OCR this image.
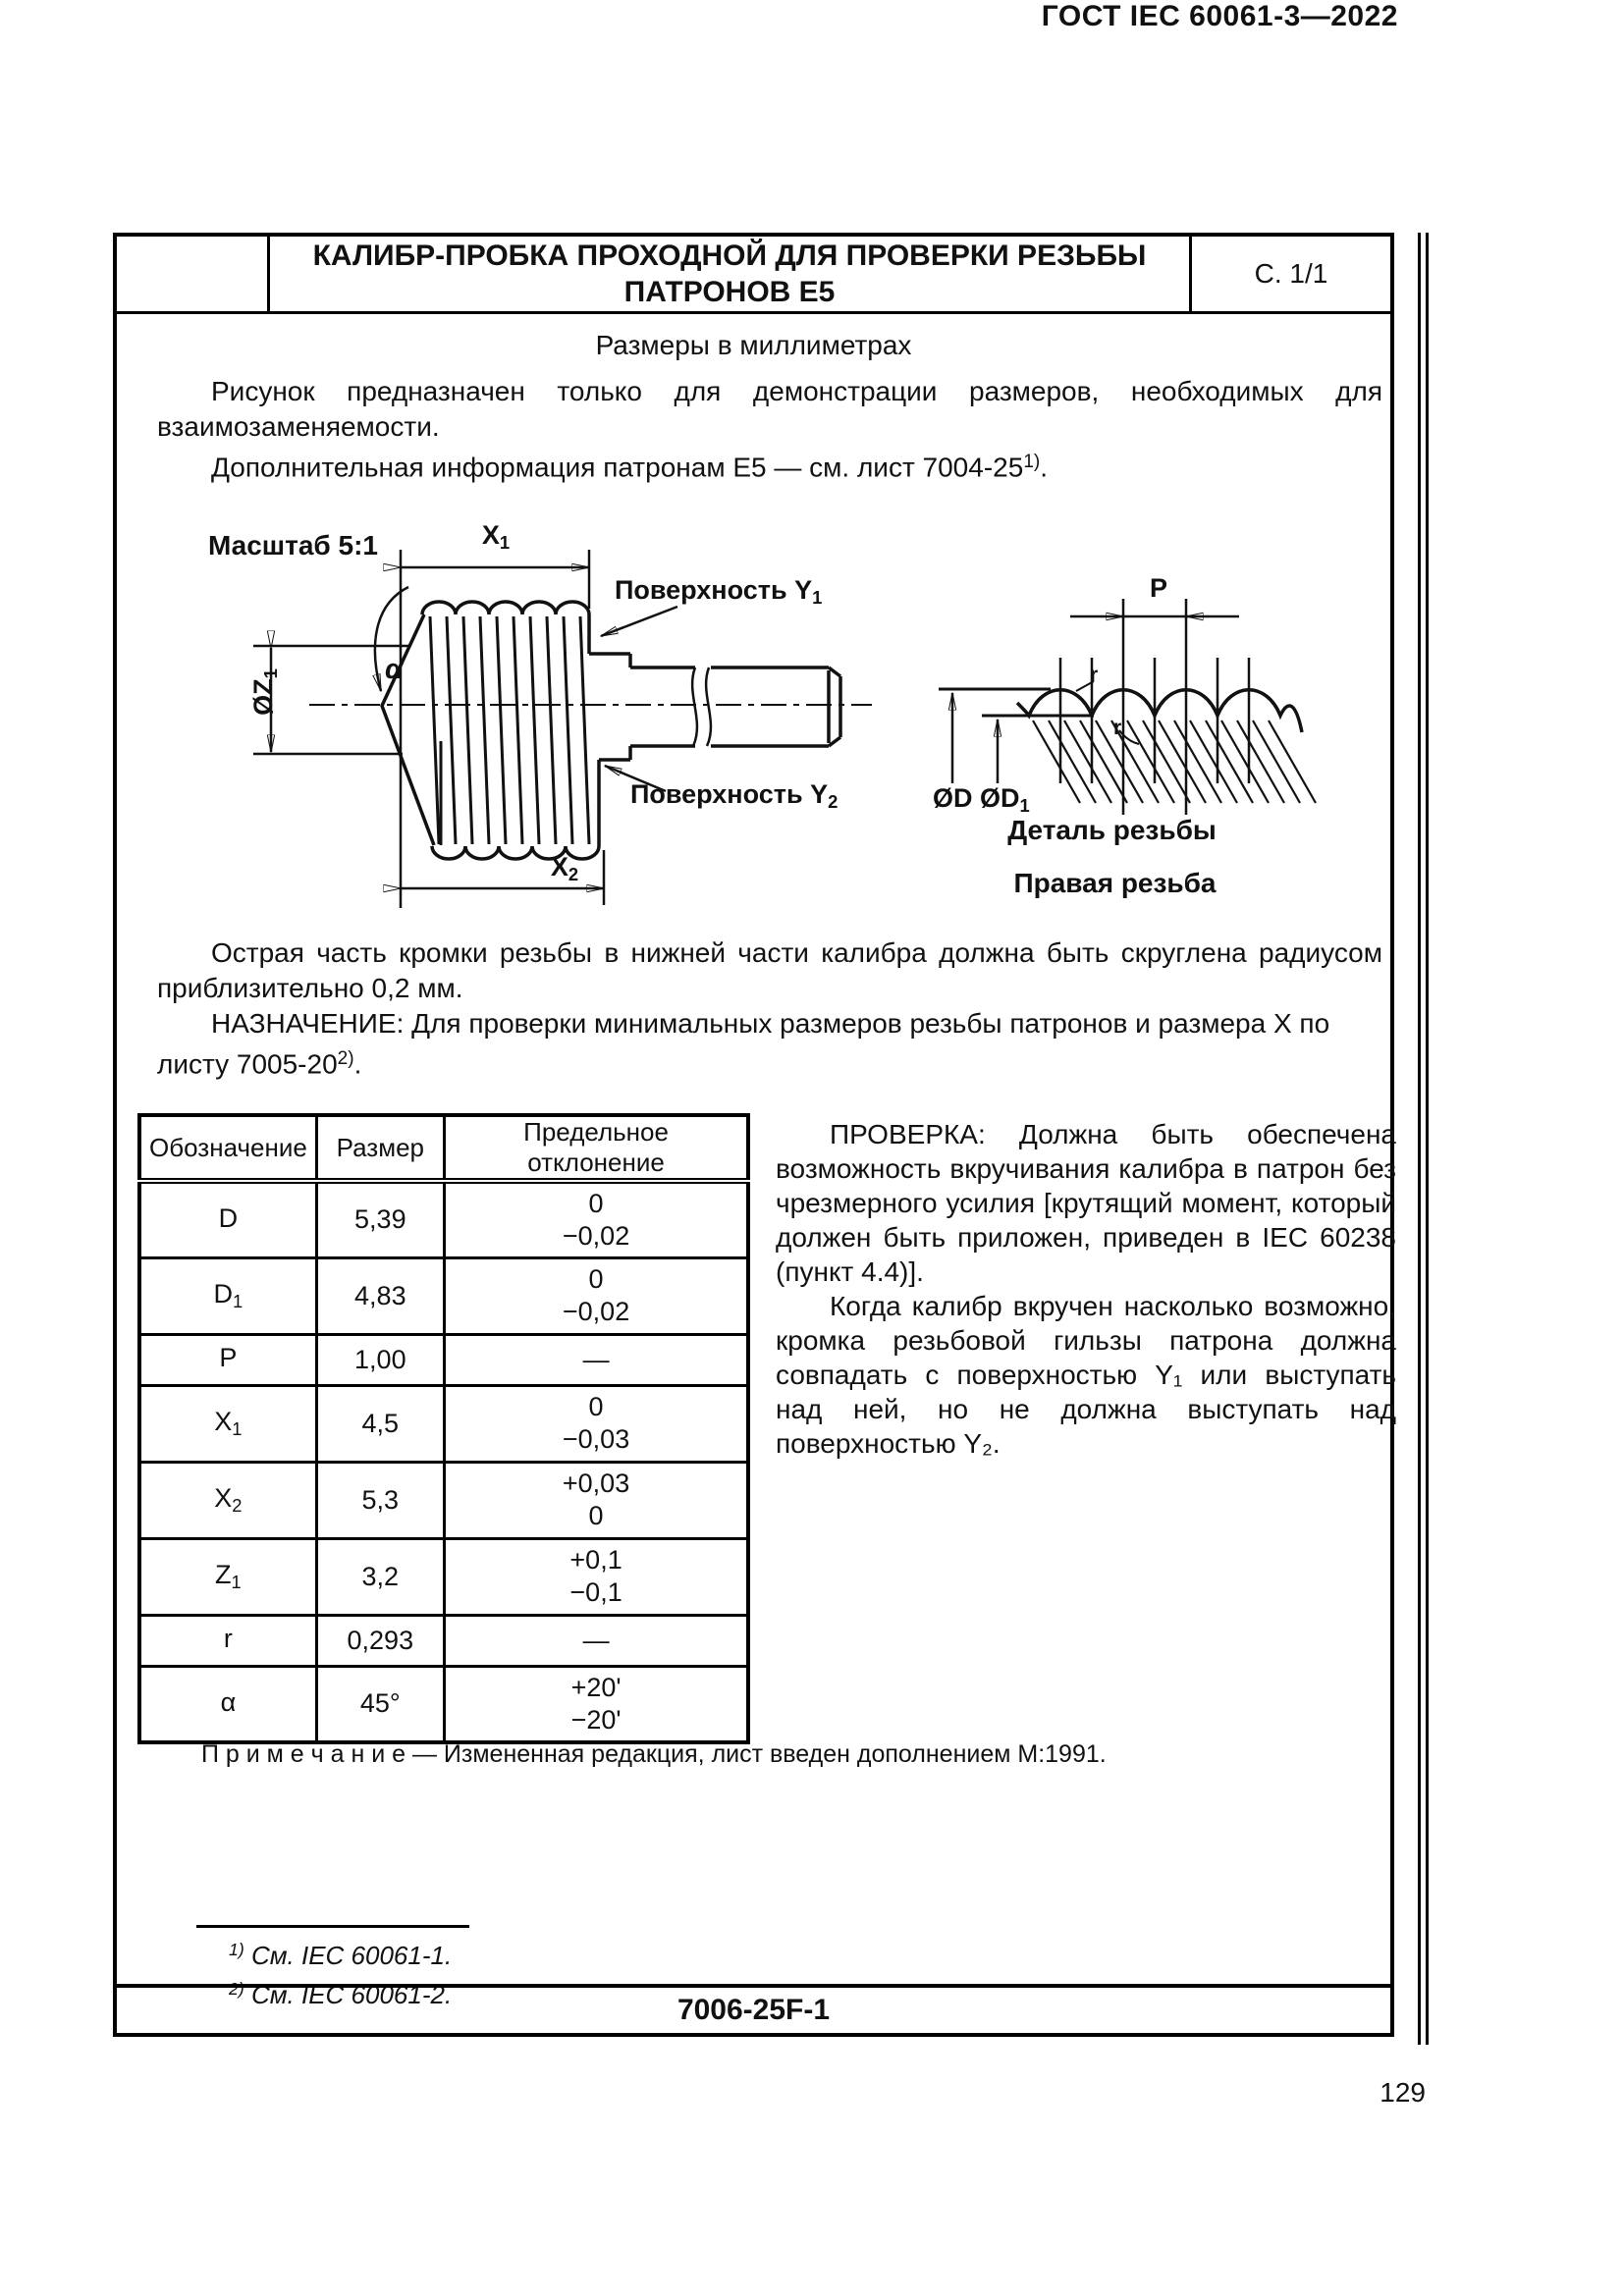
ГОСТ IEC 60061-3—2022
КАЛИБР-ПРОБКА ПРОХОДНОЙ ДЛЯ ПРОВЕРКИ РЕЗЬБЫ
ПАТРОНОВ Е5
С. 1/1
Размеры в миллиметрах
Рисунок предназначен только для демонстрации размеров, необходимых для взаимозаменяемости.
Дополнительная информация патронам Е5 — см. лист 7004-25$^{1)}$.
Масштаб 5:1	$X_1$
Поверхность $Y_1$
α
$ØZ_1$
Поверхность $Y_2$
$X_2$
P
r
r
ØD $ØD_1$
Деталь резьбы
Правая резьба
Острая часть кромки резьбы в нижней части калибра должна быть скруглена радиусом приблизительно 0,2 мм.
НАЗНАЧЕНИЕ: Для проверки минимальных размеров резьбы патронов и размера X по листу 7005-20$^{2)}$.
Обозначение	Размер	Предельное отклонение
D	5,39	0
−0,02

$D_1$	4,83	0
−0,02

P	1,00	—

$X_1$	4,5	0
−0,03

$X_2$	5,3	+0,03
0

$Z_1$	3,2	+0,1
−0,1

r	0,293	—

α	45°	+20'
−20'

ПРОВЕРКА: Должна быть обеспечена возможность вкручивания калибра в патрон без чрезмерного усилия [крутящий момент, который должен быть приложен, приведен в IEC 60238 (пункт 4.4)].

Когда калибр вкручен насколько возможно, кромка резьбовой гильзы патрона должна совпадать с поверхностью Y₁ или выступать над ней, но не должна выступать над поверхностью Y₂.

П р и м е ч а н и е — Измененная редакция, лист введен дополнением М:1991.
$^{1)}$ См. IEC 60061-1.
$^{2)}$ См. IEC 60061-2.	7006-25F-1
129
